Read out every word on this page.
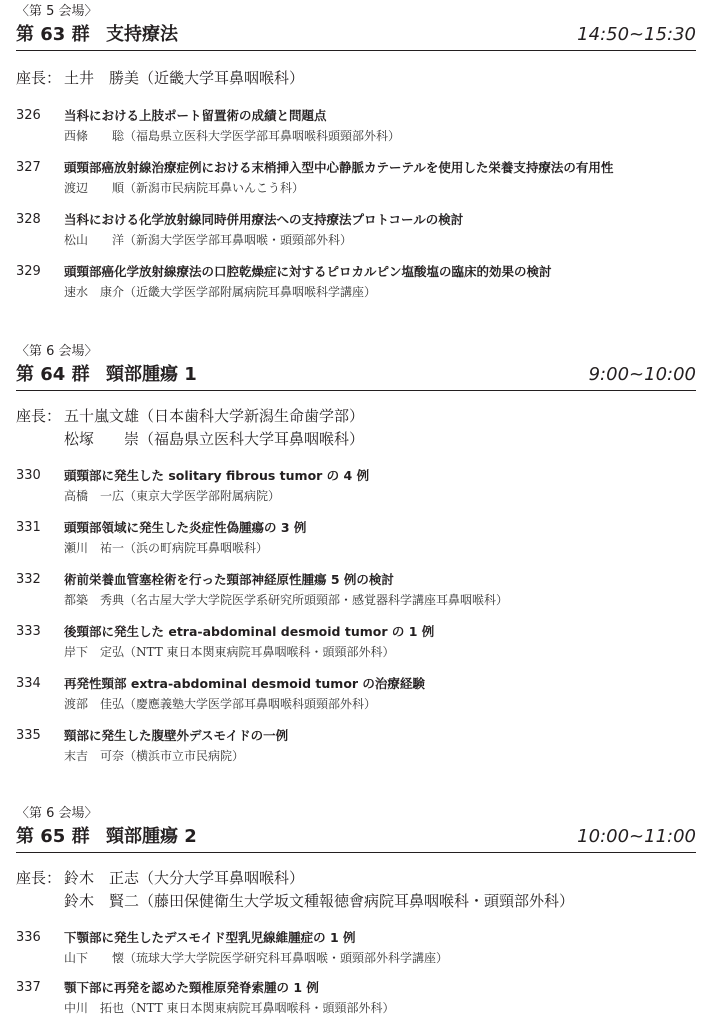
〈第 5 会場〉
第 63 群 支持療法	14:50~15:30
座長： 土井　勝美（近畿大学耳鼻咽喉科）
326 当科における上肢ポート留置術の成績と問題点
西條　　聡（福島県立医科大学医学部耳鼻咽喉科頭頸部外科）
327 頭頸部癌放射線治療症例における末梢挿入型中心静脈カテーテルを使用した栄養支持療法の有用性
渡辺　　順（新潟市民病院耳鼻いんこう科）
328 当科における化学放射線同時併用療法への支持療法プロトコールの検討
松山　　洋（新潟大学医学部耳鼻咽喉・頭頸部外科）
329 頭頸部癌化学放射線療法の口腔乾燥症に対するピロカルピン塩酸塩の臨床的効果の検討
速水　康介（近畿大学医学部附属病院耳鼻咽喉科学講座）
〈第 6 会場〉
第 64 群 頸部腫瘍 1	9:00~10:00
座長： 五十嵐文雄（日本歯科大学新潟生命歯学部）
松塚　　崇（福島県立医科大学耳鼻咽喉科）
330 頭頸部に発生した solitary fibrous tumor の 4 例
高橋　一広（東京大学医学部附属病院）
331 頭頸部領域に発生した炎症性偽腫瘍の 3 例
瀬川　祐一（浜の町病院耳鼻咽喉科）
332 術前栄養血管塞栓術を行った頸部神経原性腫瘍 5 例の検討
都築　秀典（名古屋大学大学院医学系研究所頭頸部・感覚器科学講座耳鼻咽喉科）
333 後頸部に発生した etra-abdominal desmoid tumor の 1 例
岸下　定弘（NTT 東日本関東病院耳鼻咽喉科・頭頸部外科）
334 再発性頸部 extra-abdominal desmoid tumor の治療経験
渡部　佳弘（慶應義塾大学医学部耳鼻咽喉科頭頸部外科）
335 頸部に発生した腹壁外デスモイドの一例
末吉　可奈（横浜市立市民病院）
〈第 6 会場〉
第 65 群 頸部腫瘍 2	10:00~11:00
座長： 鈴木　正志（大分大学耳鼻咽喉科）
鈴木　賢二（藤田保健衛生大学坂文種報徳會病院耳鼻咽喉科・頭頸部外科）
336 下顎部に発生したデスモイド型乳児線維腫症の 1 例
山下　　懐（琉球大学大学院医学研究科耳鼻咽喉・頭頸部外科学講座）
337 顎下部に再発を認めた頸椎原発脊索腫の 1 例
中川　拓也（NTT 東日本関東病院耳鼻咽喉科・頭頸部外科）
